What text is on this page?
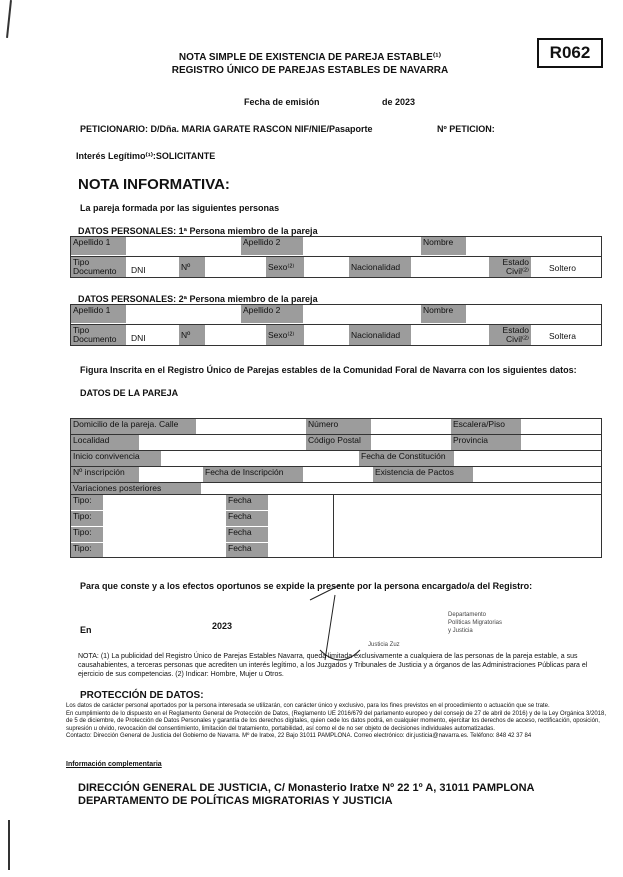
R062
NOTA SIMPLE DE EXISTENCIA DE PAREJA ESTABLE⁽¹⁾
REGISTRO ÚNICO DE PAREJAS ESTABLES DE NAVARRA
Fecha de emisión	de 2023
PETICIONARIO: D/Dña. MARIA GARATE RASCON NIF/NIE/Pasaporte	Nº PETICION:
Interés Legítimo⁽¹⁾:SOLICITANTE
NOTA INFORMATIVA:
La pareja formada por las siguientes personas
DATOS PERSONALES: 1ª Persona miembro de la pareja
Apellido 1	Apellido 2	Nombre
Tipo Documento	DNI	Nº	Sexo⁽²⁾	Nacionalidad	Estado Civil⁽²⁾ Soltero
DATOS PERSONALES: 2ª Persona miembro de la pareja
Apellido 1	Apellido 2	Nombre
Tipo Documento	DNI	Nº	Sexo⁽²⁾	Nacionalidad	Estado Civil⁽²⁾ Soltera
Figura Inscrita en el Registro Único de Parejas estables de la Comunidad Foral de Navarra con los siguientes datos:
DATOS DE LA PAREJA
Domicilio de la pareja. Calle	Número	Escalera/Piso
Localidad	Código Postal	Provincia
Inicio convivencia	Fecha de Constitución
Nº inscripción	Fecha de Inscripción	Existencia de Pactos
Variaciones posteriores
Tipo:	Fecha
Tipo:	Fecha
Tipo:	Fecha
Tipo:	Fecha
Para que conste y a los efectos oportunos se expide la presente por la persona encargado/a del Registro:
En	2023
Departamento
Políticas Migratorias
y Justicia
Justicia Zuz
NOTA: (1) La publicidad del Registro Único de Parejas Estables Navarra, queda limitada exclusivamente a cualquiera de las personas de la pareja estable, a sus causahabientes, a terceras personas que acrediten un interés legítimo, a los Juzgados y Tribunales de Justicia y a órganos de las Administraciones Públicas para el ejercicio de sus competencias. (2) Indicar: Hombre, Mujer u Otros.
PROTECCIÓN DE DATOS:
Los datos de carácter personal aportados por la persona interesada se utilizarán, con carácter único y exclusivo, para los fines previstos en el procedimiento o actuación que se trate.
En cumplimiento de lo dispuesto en el Reglamento General de Protección de Datos, (Reglamento UE 2016/679 del parlamento europeo y del consejo de 27 de abril de 2016) y de la Ley Orgánica 3/2018, de 5 de diciembre, de Protección de Datos Personales y garantía de los derechos digitales, quien cede los datos podrá, en cualquier momento, ejercitar los derechos de acceso, rectificación, oposición, supresión u olvido, revocación del consentimiento, limitación del tratamiento, portabilidad, así como el de no ser objeto de decisiones individuales automatizadas.
Contacto: Dirección General de Justicia del Gobierno de Navarra. Mº de Iratxe, 22 Bajo 31011 PAMPLONA. Correo electrónico: dir.justicia@navarra.es. Teléfono: 848 42 37 84
Información complementaria
DIRECCIÓN GENERAL DE JUSTICIA, C/ Monasterio Iratxe Nº 22 1º A, 31011 PAMPLONA
DEPARTAMENTO DE POLÍTICAS MIGRATORIAS Y JUSTICIA
